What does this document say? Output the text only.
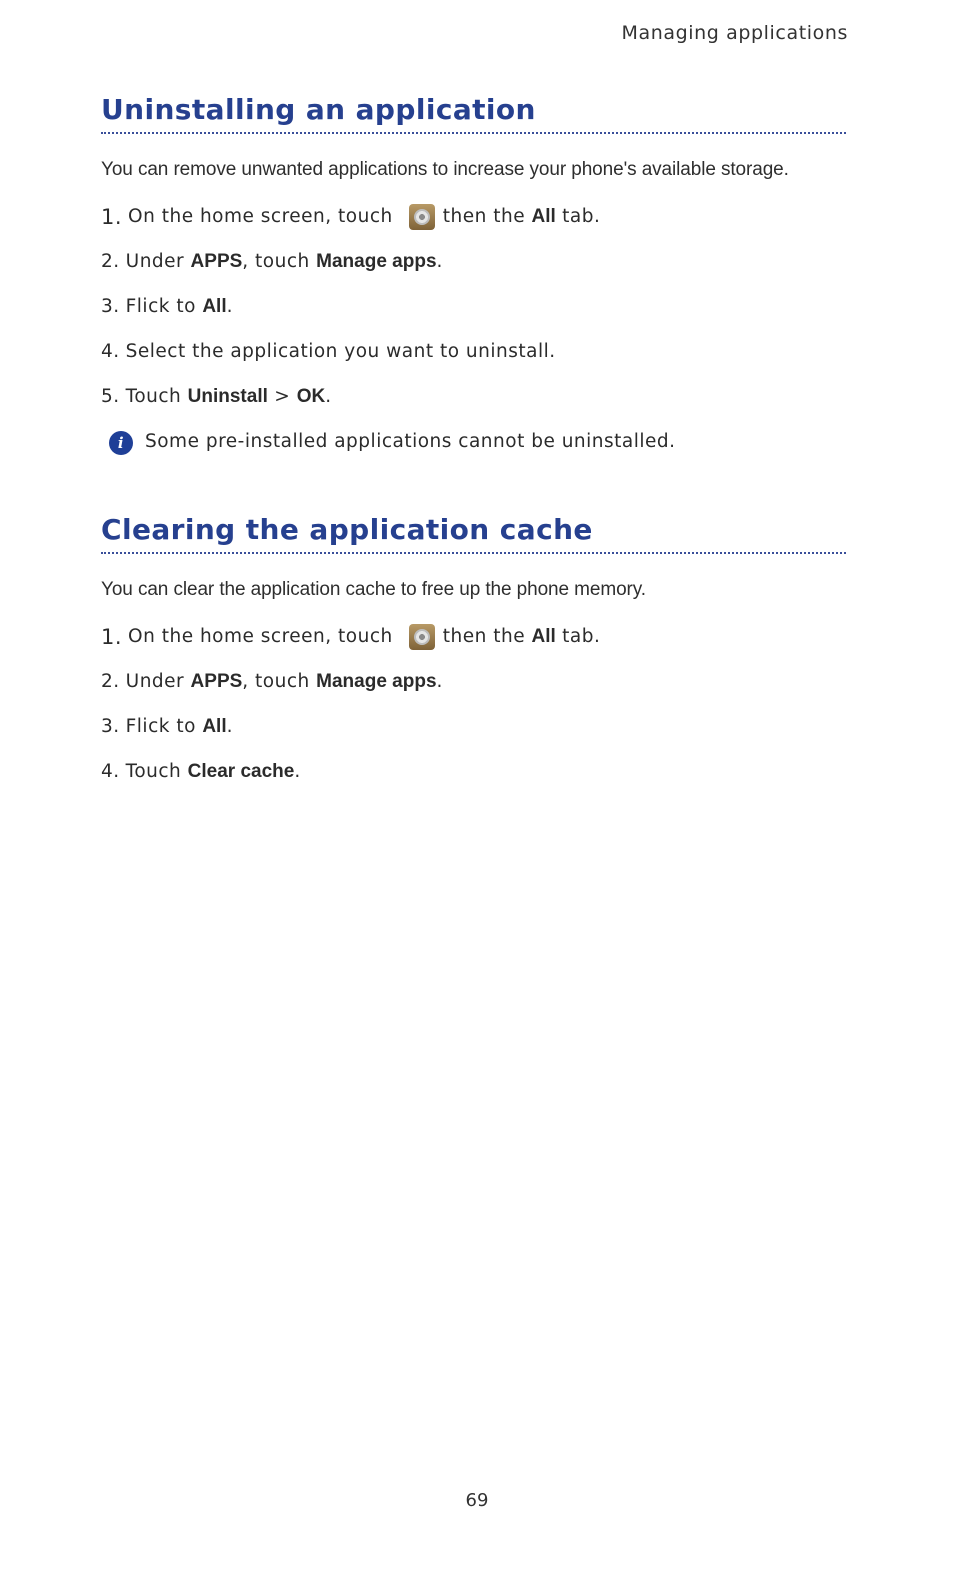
Managing applications
Uninstalling an application
You can remove unwanted applications to increase your phone's available storage.
1. On the home screen, touch	then the
All
tab.
2. Under
APPS , touch
Manage apps .
3. Flick to
All .
4. Select the application you want to uninstall.
5. Touch
Uninstall
>
OK .
i	Some pre-installed applications cannot be uninstalled.
Clearing the application cache
You can clear the application cache to free up the phone memory.
1. On the home screen, touch	then the
All
tab.
2. Under
APPS , touch
Manage apps .
3. Flick to
All .
4. Touch
Clear cache .
69
